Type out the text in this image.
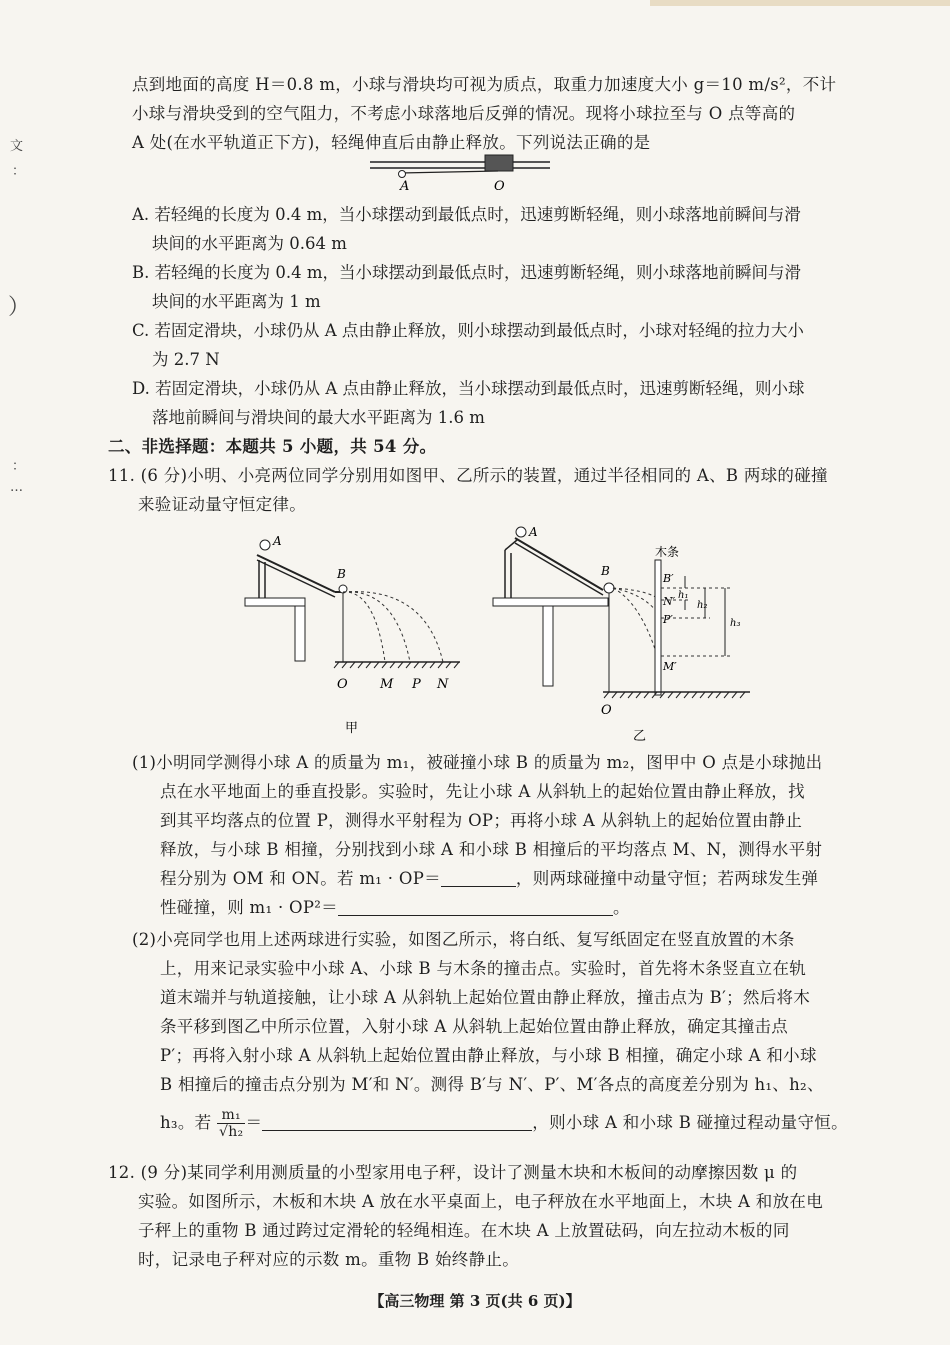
文
：
）
：
…
点到地面的高度 H＝0.8 m，小球与滑块均可视为质点，取重力加速度大小 g＝10 m/s²，不计
小球与滑块受到的空气阻力，不考虑小球落地后反弹的情况。现将小球拉至与 O 点等高的
A 处(在水平轨道正下方)，轻绳伸直后由静止释放。下列说法正确的是
A	O
A. 若轻绳的长度为 0.4 m，当小球摆动到最低点时，迅速剪断轻绳，则小球落地前瞬间与滑
块间的水平距离为 0.64 m
B. 若轻绳的长度为 0.4 m，当小球摆动到最低点时，迅速剪断轻绳，则小球落地前瞬间与滑
块间的水平距离为 1 m
C. 若固定滑块，小球仍从 A 点由静止释放，则小球摆动到最低点时，小球对轻绳的拉力大小
为 2.7 N
D. 若固定滑块，小球仍从 A 点由静止释放，当小球摆动到最低点时，迅速剪断轻绳，则小球
落地前瞬间与滑块间的最大水平距离为 1.6 m
二、非选择题：本题共 5 小题，共 54 分。
11. (6 分)小明、小亮两位同学分别用如图甲、乙所示的装置，通过半径相同的 A、B 两球的碰撞
来验证动量守恒定律。
A
B
O M P N
甲
A
B
木条
B′
N′
P′
M′
h₁
h₂
h₃
O
乙
(1)小明同学测得小球 A 的质量为 m₁，被碰撞小球 B 的质量为 m₂，图甲中 O 点是小球抛出
点在水平地面上的垂直投影。实验时，先让小球 A 从斜轨上的起始位置由静止释放，找
到其平均落点的位置 P，测得水平射程为 OP；再将小球 A 从斜轨上的起始位置由静止
释放，与小球 B 相撞，分别找到小球 A 和小球 B 相撞后的平均落点 M、N，测得水平射
程分别为 OM 和 ON。若 m₁ · OP＝	，则两球碰撞中动量守恒；若两球发生弹
性碰撞，则 m₁ · OP²＝	。
(2)小亮同学也用上述两球进行实验，如图乙所示，将白纸、复写纸固定在竖直放置的木条
上，用来记录实验中小球 A、小球 B 与木条的撞击点。实验时，首先将木条竖直立在轨
道末端并与轨道接触，让小球 A 从斜轨上起始位置由静止释放，撞击点为 B′；然后将木
条平移到图乙中所示位置，入射小球 A 从斜轨上起始位置由静止释放，确定其撞击点
P′；再将入射小球 A 从斜轨上起始位置由静止释放，与小球 B 相撞，确定小球 A 和小球
B 相撞后的撞击点分别为 M′和 N′。测得 B′与 N′、P′、M′各点的高度差分别为 h₁、h₂、
h₃。若 $\frac{\text{m₁}}{\text{√h₂}}$ ＝	，则小球 A 和小球 B 碰撞过程动量守恒。
12. (9 分)某同学利用测质量的小型家用电子秤，设计了测量木块和木板间的动摩擦因数 μ 的
实验。如图所示，木板和木块 A 放在水平桌面上，电子秤放在水平地面上，木块 A 和放在电
子秤上的重物 B 通过跨过定滑轮的轻绳相连。在木块 A 上放置砝码，向左拉动木板的同
时，记录电子秤对应的示数 m。重物 B 始终静止。
【高三物理 第 3 页(共 6 页)】
